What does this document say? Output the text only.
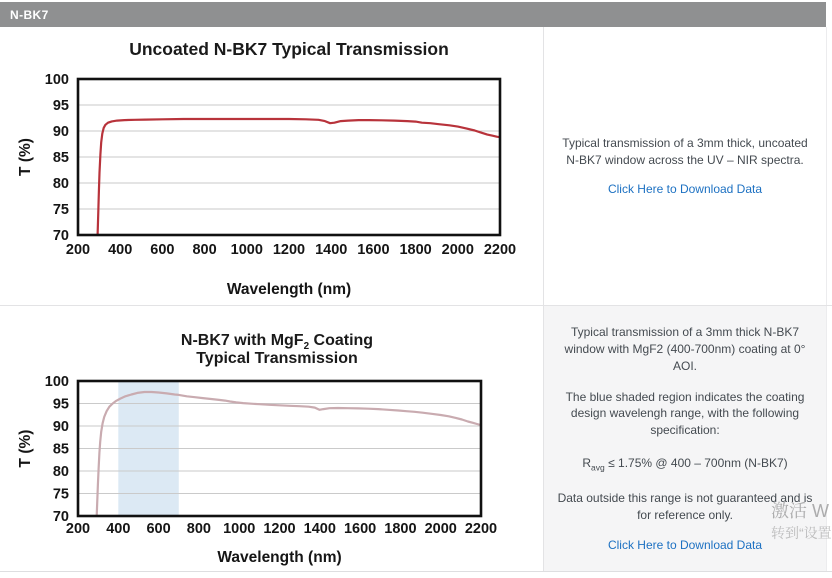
N-BK7
70
75
80
85
90
95
100
200 400 600 800 1000 1200 1400 1600 1800 2000 2200
Wavelength (nm)
T (%)
Uncoated N-BK7 Typical Transmission
70
75
80
85
90
95
100
200 400 600 800 1000 1200 1400 1600 1800 2000 2200
Wavelength (nm)
T (%)
N-BK7 with MgF$_2$ Coating
Typical Transmission

Typical transmission of a 3mm thick, uncoated N-BK7 window across the UV – NIR spectra.

Click Here to Download Data

Typical transmission of a 3mm thick N-BK7 window with MgF2 (400-700nm) coating at 0° AOI.

The blue shaded region indicates the coating design wavelengh range, with the following specification:

$R_{avg} \le 1.75\%$ @ 400 – 700nm (N-BK7)

Data outside this range is not guaranteed and is for reference only.

Click Here to Download Data
激活 W
转到“设置
